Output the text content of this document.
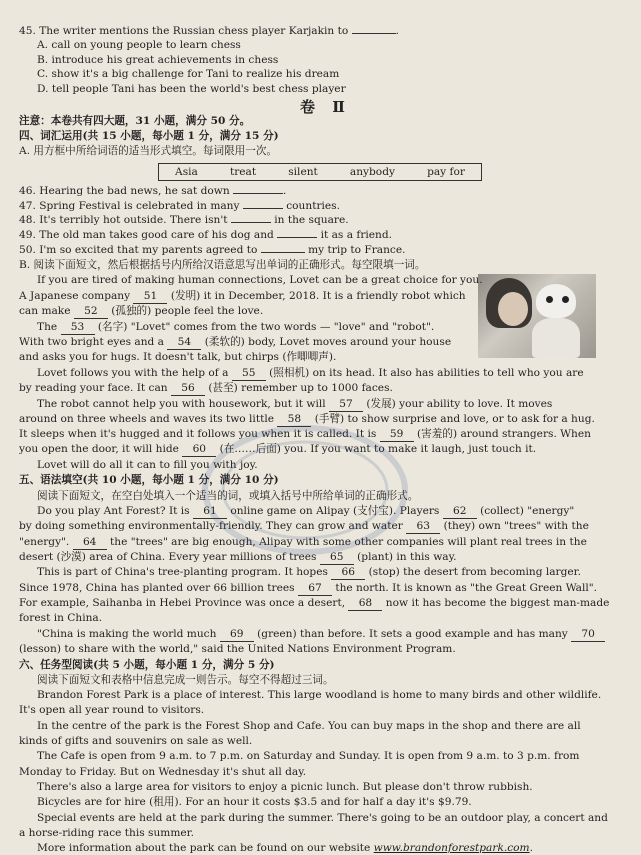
45. The writer mentions the Russian chess player Karjakin to	.
A. call on young people to learn chess
B. introduce his great achievements in chess
C. show it's a big challenge for Tani to realize his dream
D. tell people Tani has been the world's best chess player
卷 Ⅱ
注意：本卷共有四大题，31 小题，满分 50 分。
四、词汇运用(共 15 小题，每小题 1 分，满分 15 分)
A. 用方框中所给词语的适当形式填空。每词限用一次。
Asia	treat	silent	anybody	pay for
46. Hearing the bad news, he sat down	.
47. Spring Festival is celebrated in many	countries.
48. It's terribly hot outside. There isn't	in the square.
49. The old man takes good care of his dog and	it as a friend.
50. I'm so excited that my parents agreed to	my trip to France.
B. 阅读下面短文，然后根据括号内所给汉语意思写出单词的正确形式。每空限填一词。
If you are tired of making human connections, Lovet can be a great choice for you.
A Japanese company 51 (发明) it in December, 2018. It is a friendly robot which
can make 52 (孤独的) people feel the love.
The 53 (名字) "Lovet" comes from the two words — "love" and "robot".
With two bright eyes and a 54 (柔软的) body, Lovet moves around your house
and asks you for hugs. It doesn't talk, but chirps (作唧唧声).
Lovet follows you with the help of a 55 (照相机) on its head. It also has abilities to tell who you are
by reading your face. It can 56 (甚至) remember up to 1000 faces.
The robot cannot help you with housework, but it will 57 (发展) your ability to love. It moves
around on three wheels and waves its two little 58 (手臂) to show surprise and love, or to ask for a hug.
It sleeps when it's hugged and it follows you when it is called. It is 59 (害羞的) around strangers. When
you open the door, it will hide 60 (在……后面) you. If you want to make it laugh, just touch it.
Lovet will do all it can to fill you with joy.
五、语法填空(共 10 小题，每小题 1 分，满分 10 分)
阅读下面短文，在空白处填入一个适当的词，或填入括号中所给单词的正确形式。
Do you play Ant Forest? It is 61 online game on Alipay (支付宝). Players 62 (collect) "energy"
by doing something environmentally-friendly. They can grow and water 63 (they) own "trees" with the
"energy". 64 the "trees" are big enough, Alipay with some other companies will plant real trees in the
desert (沙漠) area of China. Every year millions of trees 65 (plant) in this way.
This is part of China's tree-planting program. It hopes 66 (stop) the desert from becoming larger.
Since 1978, China has planted over 66 billion trees 67 the north. It is known as "the Great Green Wall".
For example, Saihanba in Hebei Province was once a desert, 68 now it has become the biggest man-made
forest in China.
"China is making the world much 69 (green) than before. It sets a good example and has many 70
(lesson) to share with the world," said the United Nations Environment Program.
六、任务型阅读(共 5 小题，每小题 1 分，满分 5 分)
阅读下面短文和表格中信息完成一则告示。每空不得超过三词。
Brandon Forest Park is a place of interest. This large woodland is home to many birds and other wildlife.
It's open all year round to visitors.
In the centre of the park is the Forest Shop and Cafe. You can buy maps in the shop and there are all
kinds of gifts and souvenirs on sale as well.
The Cafe is open from 9 a.m. to 7 p.m. on Saturday and Sunday. It is open from 9 a.m. to 3 p.m. from
Monday to Friday. But on Wednesday it's shut all day.
There's also a large area for visitors to enjoy a picnic lunch. But please don't throw rubbish.
Bicycles are for hire (租用). For an hour it costs $3.5 and for half a day it's $9.79.
Special events are held at the park during the summer. There's going to be an outdoor play, a concert and
a horse-riding race this summer.
More information about the park can be found on our website www.brandonforestpark.com.
